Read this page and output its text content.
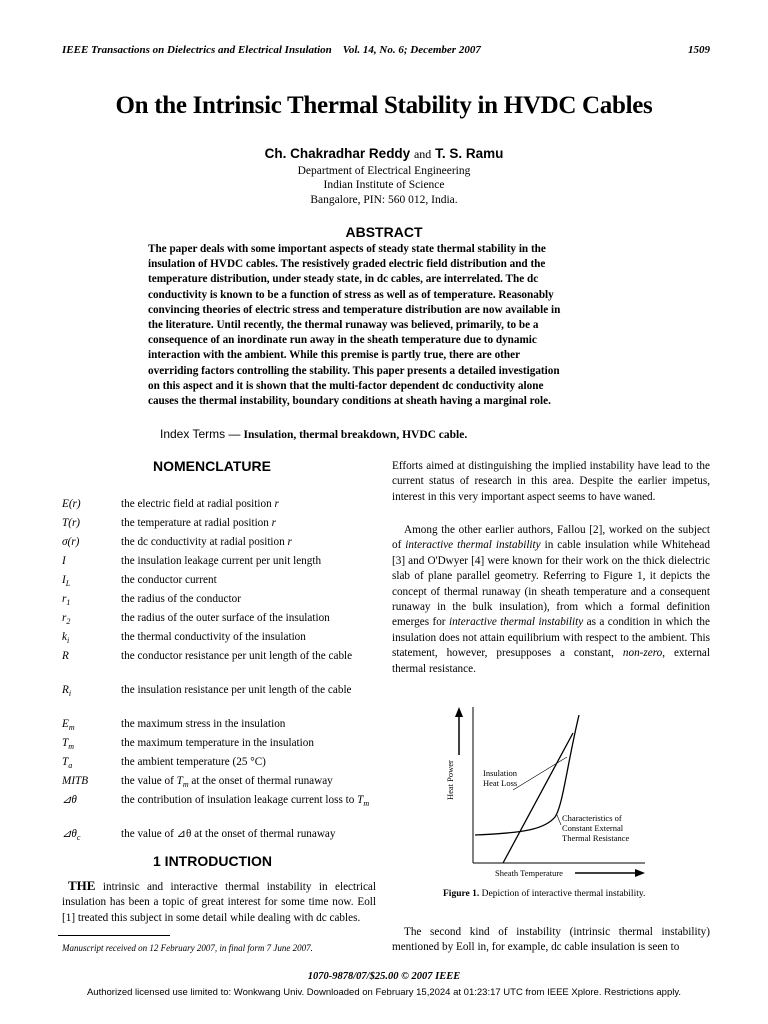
IEEE Transactions on Dielectrics and Electrical Insulation Vol. 14, No. 6; December 2007	1509
On the Intrinsic Thermal Stability in HVDC Cables
Ch. Chakradhar Reddy and T. S. Ramu
Department of Electrical Engineering
Indian Institute of Science
Bangalore, PIN: 560 012, India.
ABSTRACT
The paper deals with some important aspects of steady state thermal stability in the
insulation of HVDC cables. The resistively graded electric field distribution and the
temperature distribution, under steady state, in dc cables, are interrelated. The dc
conductivity is known to be a function of stress as well as of temperature. Reasonably
convincing theories of electric stress and temperature distribution are now available in
the literature. Until recently, the thermal runaway was believed, primarily, to be a
consequence of an inordinate run away in the sheath temperature due to dynamic
interaction with the ambient. While this premise is partly true, there are other
overriding factors controlling the stability. This paper presents a detailed investigation
on this aspect and it is shown that the multi-factor dependent dc conductivity alone
causes the thermal instability, boundary conditions at sheath having a marginal role.
Index Terms — Insulation, thermal breakdown, HVDC cable.
NOMENCLATURE
E(r)	the electric field at radial position r
T(r)	the temperature at radial position r
σ(r)	the dc conductivity at radial position r
I	the insulation leakage current per unit length
$I_L$	the conductor current
$r_1$	the radius of the conductor
$r_2$	the radius of the outer surface of the insulation
$k_i$	the thermal conductivity of the insulation
R	the conductor resistance per unit length of the cable
$R_i$	the insulation resistance per unit length of the cable
$E_m$	the maximum stress in the insulation
$T_m$	the maximum temperature in the insulation
$T_a$	the ambient temperature (25 °C)
MITB	the value of $T_m$ at the onset of thermal runaway
⊿θ	the contribution of insulation leakage current loss to $T_m$
$⊿\theta_c$	the value of ⊿θ at the onset of thermal runaway
1 INTRODUCTION
THE intrinsic and interactive thermal instability in electrical insulation has been a topic of great interest for some time now. Eoll [1] treated this subject in some detail while dealing with dc cables.
Efforts aimed at distinguishing the implied instability have lead to the current status of research in this area. Despite the earlier impetus, interest in this very important aspect seems to have waned.
Among the other earlier authors, Fallou [2], worked on the subject of interactive thermal instability in cable insulation while Whitehead [3] and O'Dwyer [4] were known for their work on the thick dielectric slab of plane parallel geometry. Referring to Figure 1, it depicts the concept of thermal runaway (in sheath temperature and a consequent runaway in the bulk insulation), from which a formal definition emerges for interactive thermal instability as a condition in which the insulation does not attain equilibrium with respect to the ambient. This statement, however, presupposes a constant, non-zero, external thermal resistance.
Heat Power	Insulation
Heat Loss
Characteristics of
Constant External
Thermal Resistance
Sheath Temperature
Figure 1. Depiction of interactive thermal instability.
The second kind of instability (intrinsic thermal instability) mentioned by Eoll in, for example, dc cable insulation is seen to
Manuscript received on 12 February 2007, in final form 7 June 2007.
1070-9878/07/$25.00 © 2007 IEEE
Authorized licensed use limited to: Wonkwang Univ. Downloaded on February 15,2024 at 01:23:17 UTC from IEEE Xplore. Restrictions apply.
